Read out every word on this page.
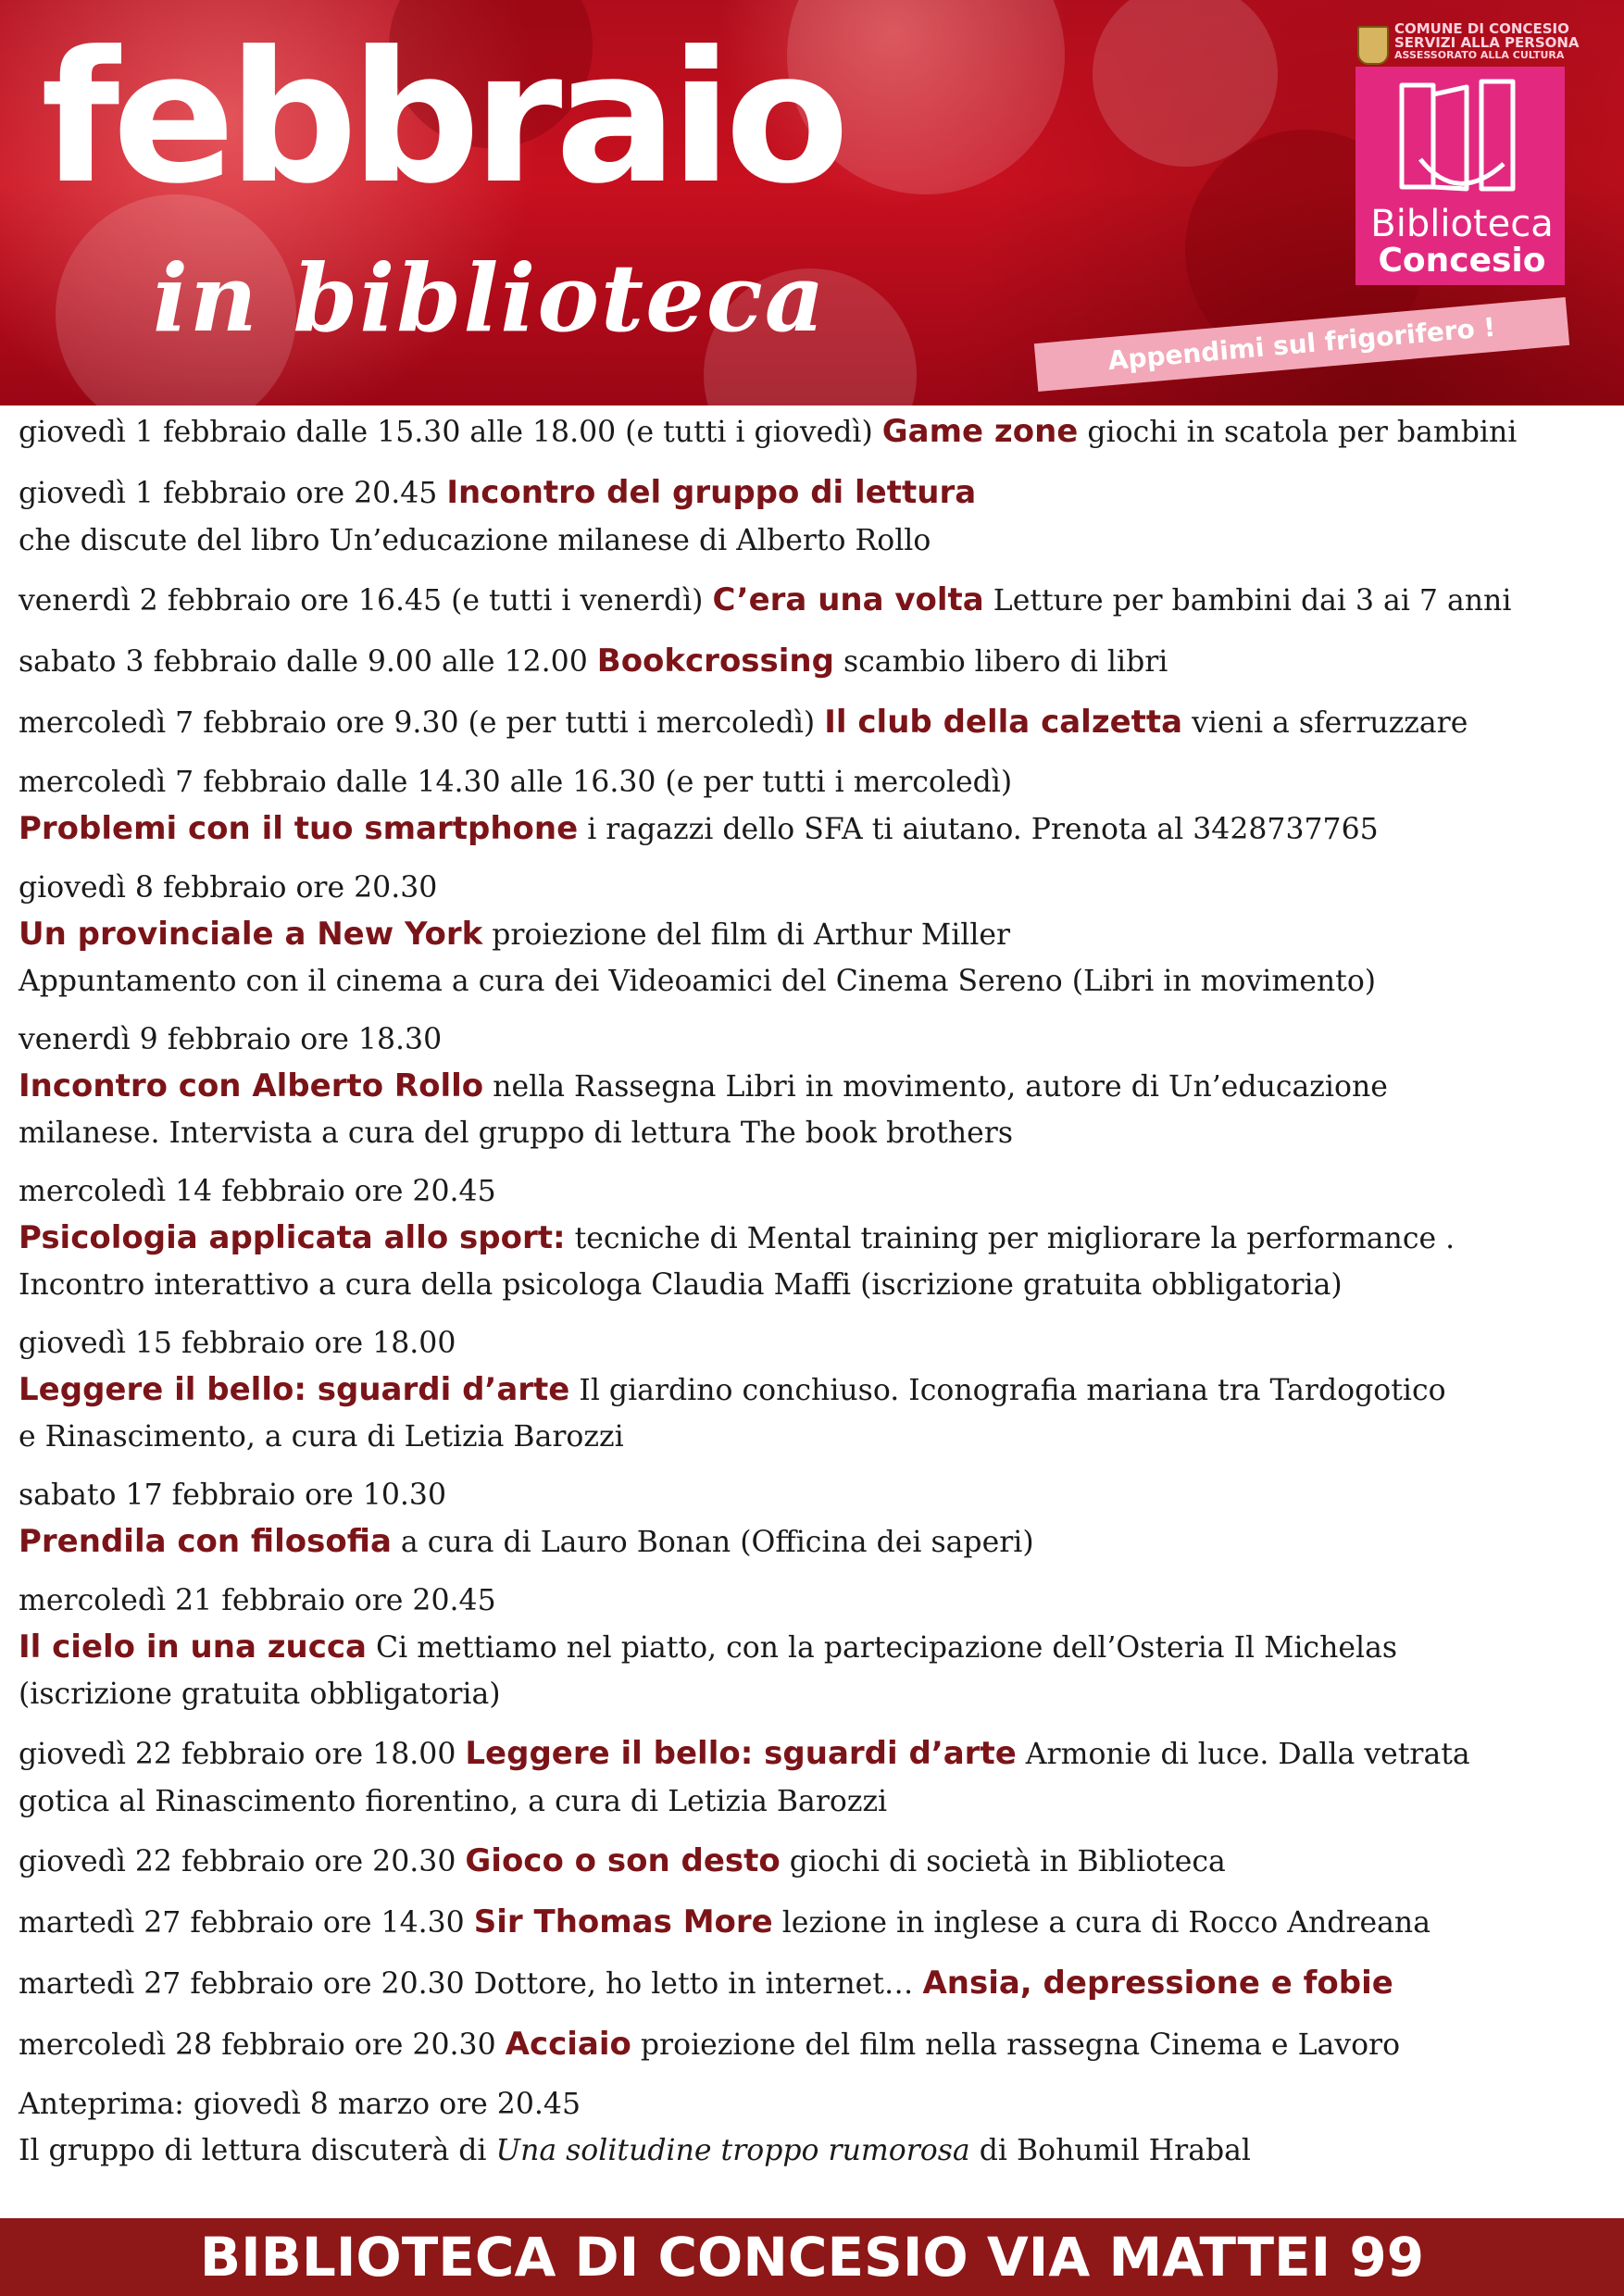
febbraio
in biblioteca
COMUNE DI CONCESIO
SERVIZI ALLA PERSONA
ASSESSORATO ALLA CULTURA
Biblioteca
Concesio
Appendimi sul frigorifero !
giovedì 1 febbraio dalle 15.30 alle 18.00 (e tutti i giovedì) Game zone giochi in scatola per bambini
giovedì 1 febbraio ore 20.45 Incontro del gruppo di lettura
che discute del libro Un’educazione milanese di Alberto Rollo
venerdì 2 febbraio ore 16.45 (e tutti i venerdì) C’era una volta Letture per bambini dai 3 ai 7 anni
sabato 3 febbraio dalle 9.00 alle 12.00 Bookcrossing scambio libero di libri
mercoledì 7 febbraio ore 9.30 (e per tutti i mercoledì) Il club della calzetta vieni a sferruzzare
mercoledì 7 febbraio dalle 14.30 alle 16.30 (e per tutti i mercoledì)
Problemi con il tuo smartphone i ragazzi dello SFA ti aiutano. Prenota al 3428737765
giovedì 8 febbraio ore 20.30
Un provinciale a New York proiezione del film di Arthur Miller
Appuntamento con il cinema a cura dei Videoamici del Cinema Sereno (Libri in movimento)
venerdì 9 febbraio ore 18.30
Incontro con Alberto Rollo nella Rassegna Libri in movimento, autore di Un’educazione
milanese. Intervista a cura del gruppo di lettura The book brothers
mercoledì 14 febbraio ore 20.45
Psicologia applicata allo sport: tecniche di Mental training per migliorare la performance .
Incontro interattivo a cura della psicologa Claudia Maffi (iscrizione gratuita obbligatoria)
giovedì 15 febbraio ore 18.00
Leggere il bello: sguardi d’arte Il giardino conchiuso. Iconografia mariana tra Tardogotico
e Rinascimento, a cura di Letizia Barozzi
sabato 17 febbraio ore 10.30
Prendila con filosofia a cura di Lauro Bonan (Officina dei saperi)
mercoledì 21 febbraio ore 20.45
Il cielo in una zucca Ci mettiamo nel piatto, con la partecipazione dell’Osteria Il Michelas
(iscrizione gratuita obbligatoria)
giovedì 22 febbraio ore 18.00 Leggere il bello: sguardi d’arte Armonie di luce. Dalla vetrata
gotica al Rinascimento fiorentino, a cura di Letizia Barozzi
giovedì 22 febbraio ore 20.30 Gioco o son desto giochi di società in Biblioteca
martedì 27 febbraio ore 14.30 Sir Thomas More lezione in inglese a cura di Rocco Andreana
martedì 27 febbraio ore 20.30 Dottore, ho letto in internet… Ansia, depressione e fobie
mercoledì 28 febbraio ore 20.30 Acciaio proiezione del film nella rassegna Cinema e Lavoro
Anteprima: giovedì 8 marzo ore 20.45
Il gruppo di lettura discuterà di Una solitudine troppo rumorosa di Bohumil Hrabal
BIBLIOTECA DI CONCESIO VIA MATTEI 99
